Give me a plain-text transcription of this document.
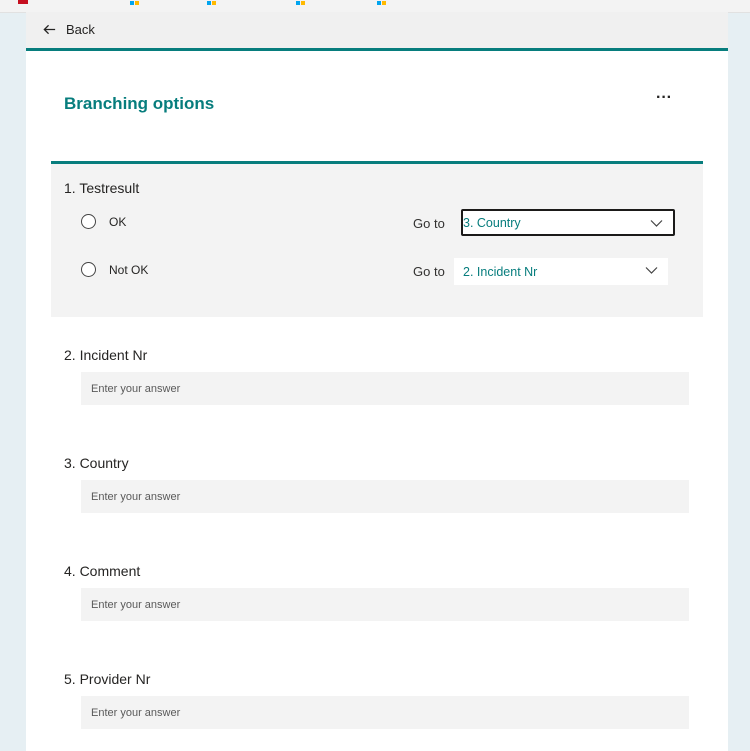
Back
Branching options	···
1. Testresult
OK	Go to 3. Country
Not OK	Go to 2. Incident Nr
2. Incident Nr
Enter your answer
3. Country
Enter your answer
4. Comment
Enter your answer
5. Provider Nr
Enter your answer
